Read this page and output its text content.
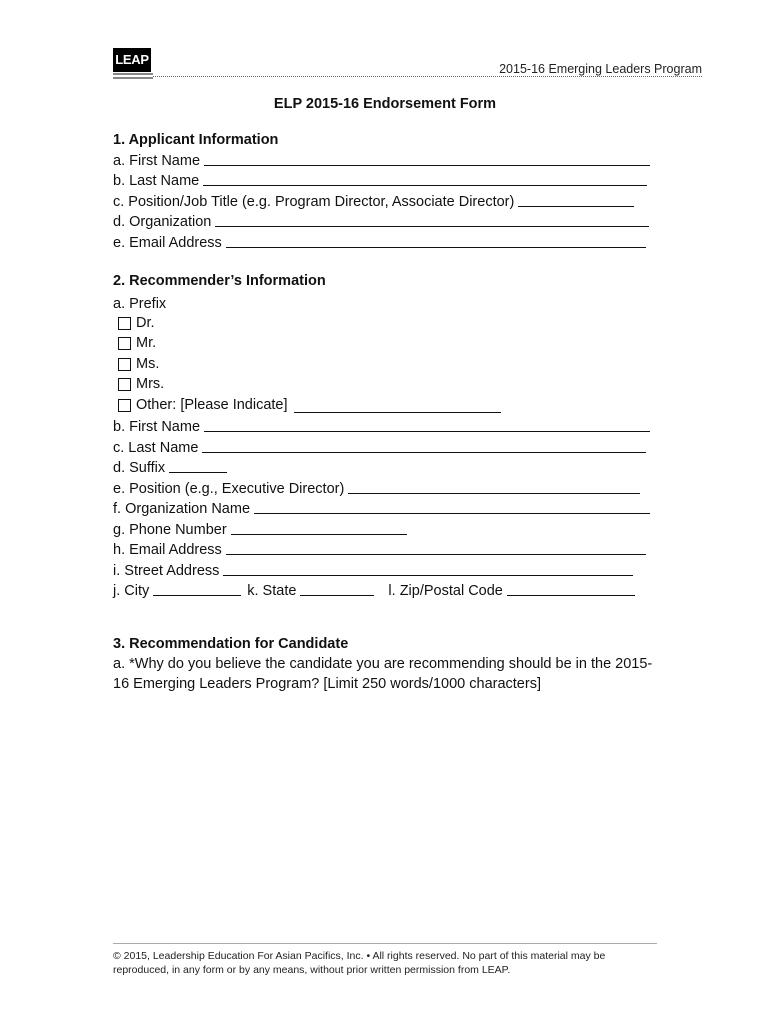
LEAP
2015-16 Emerging Leaders Program
ELP 2015-16 Endorsement Form
1. Applicant Information
a. First Name
b. Last Name
c. Position/Job Title (e.g. Program Director, Associate Director)
d. Organization
e. Email Address
2. Recommender’s Information
a. Prefix
Dr.
Mr.
Ms.
Mrs.
Other: [Please Indicate]
b. First Name
c. Last Name
d. Suffix
e. Position (e.g., Executive Director)
f. Organization Name
g. Phone Number
h. Email Address
i. Street Address
j. City	k. State	l. Zip/Postal Code
3. Recommendation for Candidate
a. *Why do you believe the candidate you are recommending should be in the 2015-16 Emerging Leaders Program? [Limit 250 words/1000 characters]
© 2015, Leadership Education For Asian Pacifics, Inc. • All rights reserved. No part of this material may be reproduced, in any form or by any means, without prior written permission from LEAP.
